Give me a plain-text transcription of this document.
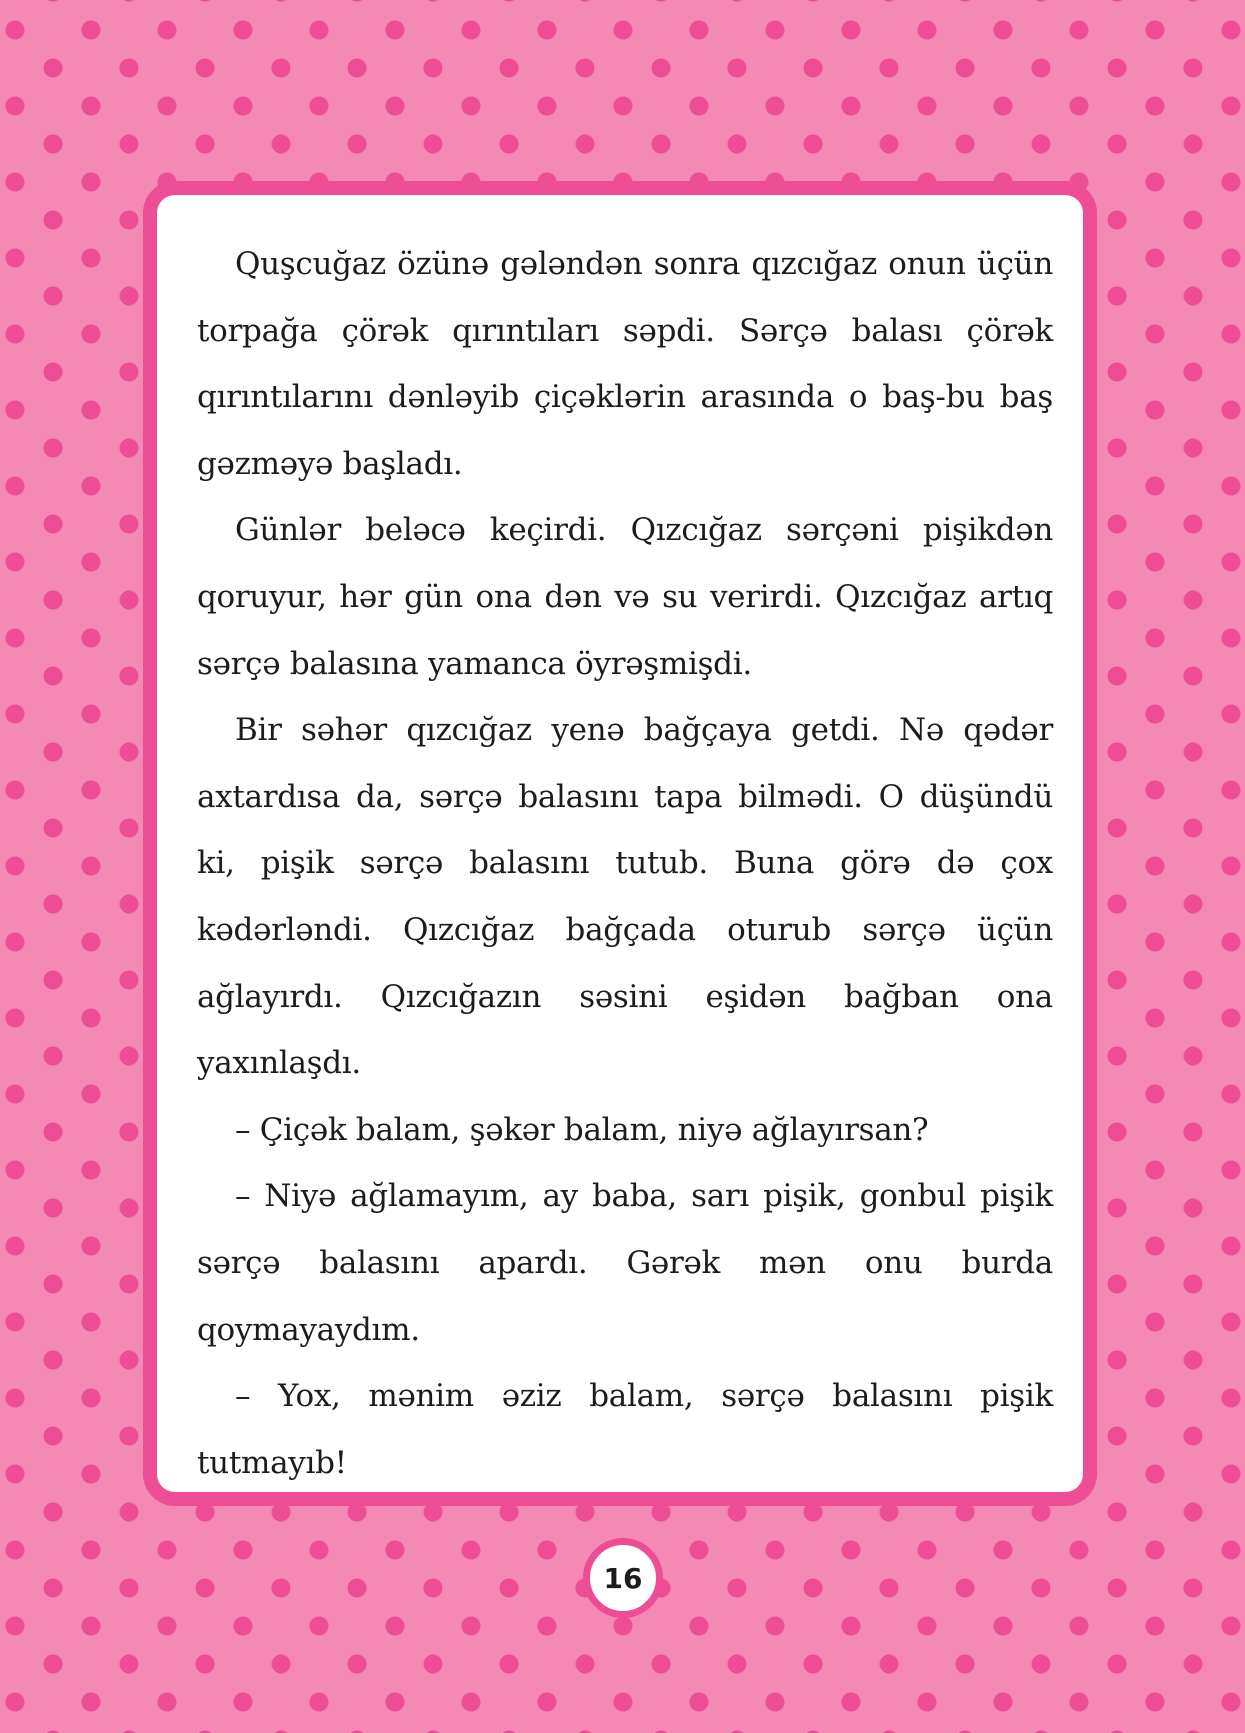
Quşcuğaz özünə gələndən sonra qızcığaz onun üçün torpağa çörək qırıntıları səpdi. Sərçə balası çörək qırıntılarını dənləyib çiçəklərin arasında o baş-bu baş gəzməyə başladı.

Günlər beləcə keçirdi. Qızcığaz sərçəni pişikdən qoruyur, hər gün ona dən və su verirdi. Qızcığaz artıq sərçə balasına yamanca öyrəşmişdi.

Bir səhər qızcığaz yenə bağçaya getdi. Nə qədər axtardısa da, sərçə balasını tapa bilmədi. O düşündü ki, pişik sərçə balasını tutub. Buna görə də çox kədərləndi. Qızcığaz bağçada oturub sərçə üçün ağlayırdı. Qızcığazın səsini eşidən bağban ona yaxınlaşdı.

– Çiçək balam, şəkər balam, niyə ağlayırsan?

– Niyə ağlamayım, ay baba, sarı pişik, gonbul pişik sərçə balasını apardı. Gərək mən onu burda qoymayaydım.

– Yox, mənim əziz balam, sərçə balasını pişik tutmayıb!

16
